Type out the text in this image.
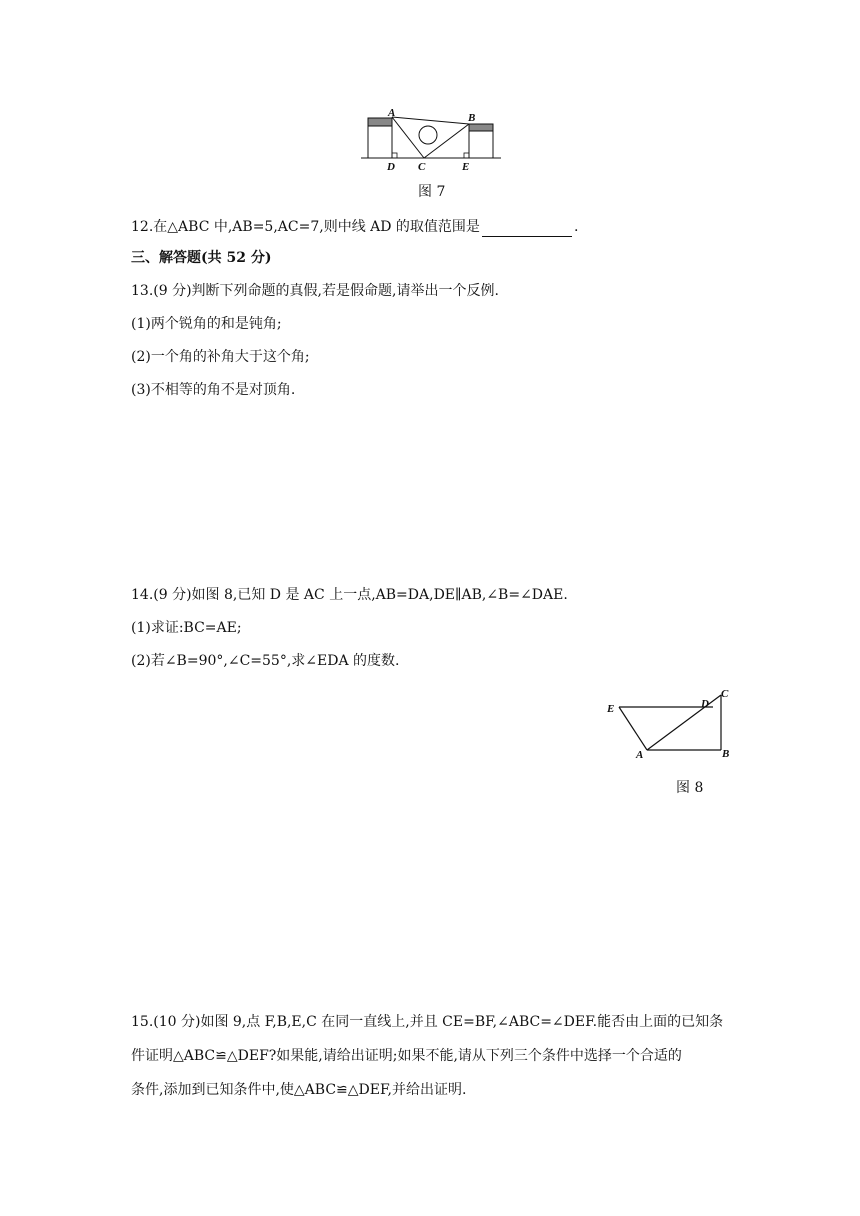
A	B
C
D	E
图 7
12.在△ABC 中,AB=5,AC=7,则中线 AD 的取值范围是	.
三、解答题(共 52 分)
13.(9 分)判断下列命题的真假,若是假命题,请举出一个反例.
(1)两个锐角的和是钝角;
(2)一个角的补角大于这个角;
(3)不相等的角不是对顶角.
14.(9 分)如图 8,已知 D 是 AC 上一点,AB=DA,DE∥AB,∠B=∠DAE.
(1)求证:BC=AE;
(2)若∠B=90°,∠C=55°,求∠EDA 的度数.
E	D
C
A	B
图 8
15.(10 分)如图 9,点 F,B,E,C 在同一直线上,并且 CE=BF,∠ABC=∠DEF.能否由上面的已知条
件证明△ABC≌△DEF?如果能,请给出证明;如果不能,请从下列三个条件中选择一个合适的
条件,添加到已知条件中,使△ABC≌△DEF,并给出证明.
